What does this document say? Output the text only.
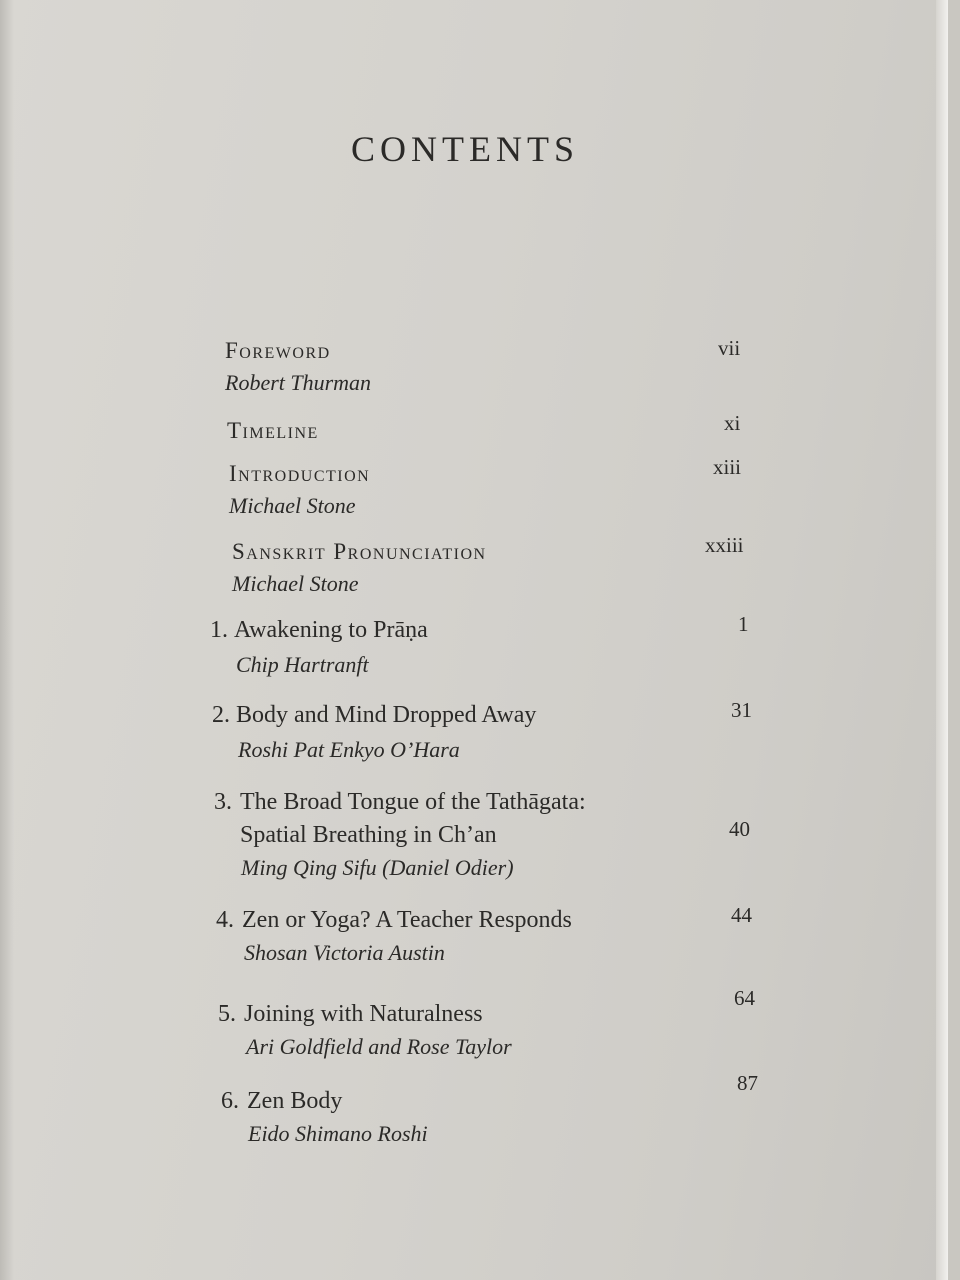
CONTENTS
Foreword
Robert Thurman
vii
Timeline	xi
Introduction
Michael Stone
xiii
Sanskrit Pronunciation
Michael Stone
xxiii
1. Awakening to Prāṇa
Chip Hartranft
1
2. Body and Mind Dropped Away
Roshi Pat Enkyo O’Hara
31
3. The Broad Tongue of the Tathāgata:
Spatial Breathing in Ch’an
Ming Qing Sifu (Daniel Odier)
40
4. Zen or Yoga? A Teacher Responds
Shosan Victoria Austin
44
5. Joining with Naturalness
Ari Goldfield and Rose Taylor
64
6. Zen Body
Eido Shimano Roshi
87
